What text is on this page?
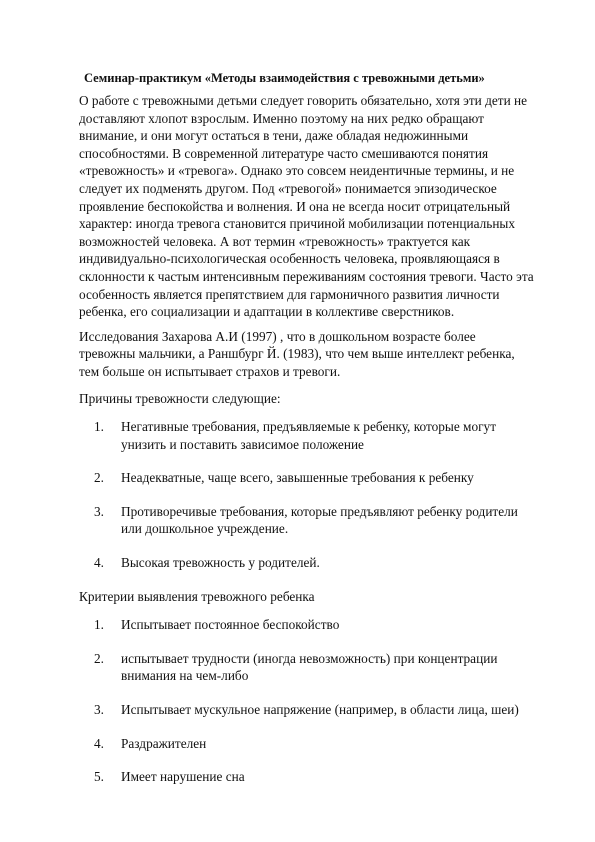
Семинар-практикум «Методы взаимодействия с тревожными детьми»

О работе с тревожными детьми следует говорить обязательно, хотя эти дети не доставляют хлопот взрослым. Именно поэтому на них редко обращают внимание, и они могут остаться в тени, даже обладая недюжинными способностями. В современной литературе часто смешиваются понятия «тревожность» и «тревога». Однако это совсем неидентичные термины, и не следует их подменять другом. Под «тревогой» понимается эпизодическое проявление беспокойства и волнения. И она не всегда носит отрицательный характер: иногда тревога становится причиной мобилизации потенциальных возможностей человека. А вот термин «тревожность» трактуется как индивидуально-психологическая особенность человека, проявляющаяся в склонности к частым интенсивным переживаниям состояния тревоги. Часто эта особенность является препятствием для гармоничного развития личности ребенка, его социализации и адаптации в коллективе сверстников.

Исследования Захарова А.И (1997) , что в дошкольном возрасте более тревожны мальчики, а Раншбург Й. (1983), что чем выше интеллект ребенка, тем больше он испытывает страхов и тревоги.

Причины тревожности следующие:

1. Негативные требования, предъявляемые к ребенку, которые могут
унизить и поставить зависимое положение
2. Неадекватные, чаще всего, завышенные требования к ребенку
3. Противоречивые требования, которые предъявляют ребенку родители
или дошкольное учреждение.
4. Высокая тревожность у родителей.

Критерии выявления тревожного ребенка

1. Испытывает постоянное беспокойство
2. испытывает трудности (иногда невозможность) при концентрации
внимания на чем-либо
3. Испытывает мускульное напряжение (например, в области лица, шеи)
4. Раздражителен
5. Имеет нарушение сна
